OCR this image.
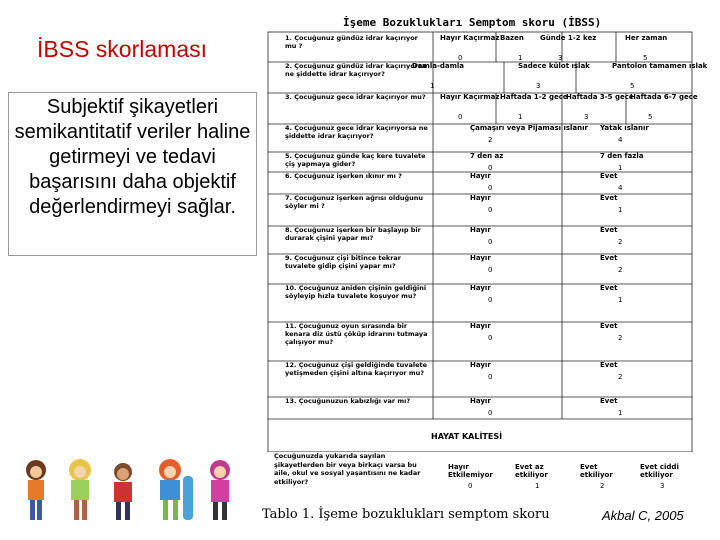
İBSS skorlaması
Subjektif şikayetleri semikantitatif veriler haline getirmeyi ve tedavi başarısını daha objektif değerlendirmeyi sağlar.
İşeme Bozuklukları Semptom skoru (İBSS)
1. Çocuğunuz gündüz idrar kaçırıyor mu ?
Hayır Kaçırmaz
0
Bazen
1
Günde 1-2 kez
3
Her zaman
5
2. Çocuğunuz gündüz idrar kaçırıyorsa ne şiddette idrar kaçırıyor?
Damla-damla
1
Sadece külot ıslak
3
Pantolon tamamen ıslak
5
3. Çocuğunuz gece idrar kaçırıyor mu?	Hayır Kaçırmaz
0
Haftada 1-2 gece
1
Haftada 3-5 gece
3
Haftada 6-7 gece
5
4. Çocuğunuz gece idrar kaçırıyorsa ne şiddette idrar kaçırıyor?
Çamaşırı veya Pijaması ıslanır
2
Yatak ıslanır
4
5. Çocuğunuz günde kaç kere tuvalete çiş yapmaya gider?
7 den az
0
7 den fazla
1
6. Çocuğunuz işerken ıkınır mı ?	Hayır
0
Evet
4
7. Çocuğunuz işerken ağrısı olduğunu söyler mi ?
Hayır
0
Evet
1
8. Çocuğunuz işerken bir başlayıp bir durarak çişini yapar mı?
Hayır
0
Evet
2
9. Çocuğunuz çişi bitince tekrar tuvalete gidip çişini yapar mı?
Hayır
0
Evet
2
10. Çocuğunuz aniden çişinin geldiğini söyleyip hızla tuvalete koşuyor mu?
Hayır
0
Evet
1
11. Çocuğunuz oyun sırasında bir kenara diz üstü çöküp idrarını tutmaya çalışıyor mu?
Hayır
0
Evet
2
12. Çocuğunuz çişi geldiğinde tuvalete yetişmeden çişini altına kaçırıyor mu?
Hayır
0
Evet
2
13. Çocuğunuzun kabızlığı var mı?	Hayır
0
Evet
1
HAYAT KALİTESİ
Çocuğunuzda yukarıda sayılan şikayetlerden bir veya birkaçı varsa bu aile, okul ve sosyal yaşantısını ne kadar etkiliyor?
Hayır Etkilemiyor
0
Evet az etkiliyor
1
Evet etkiliyor
2
Evet ciddi etkiliyor
3
Tablo 1. İşeme bozuklukları semptom skoru	Akbal C, 2005
